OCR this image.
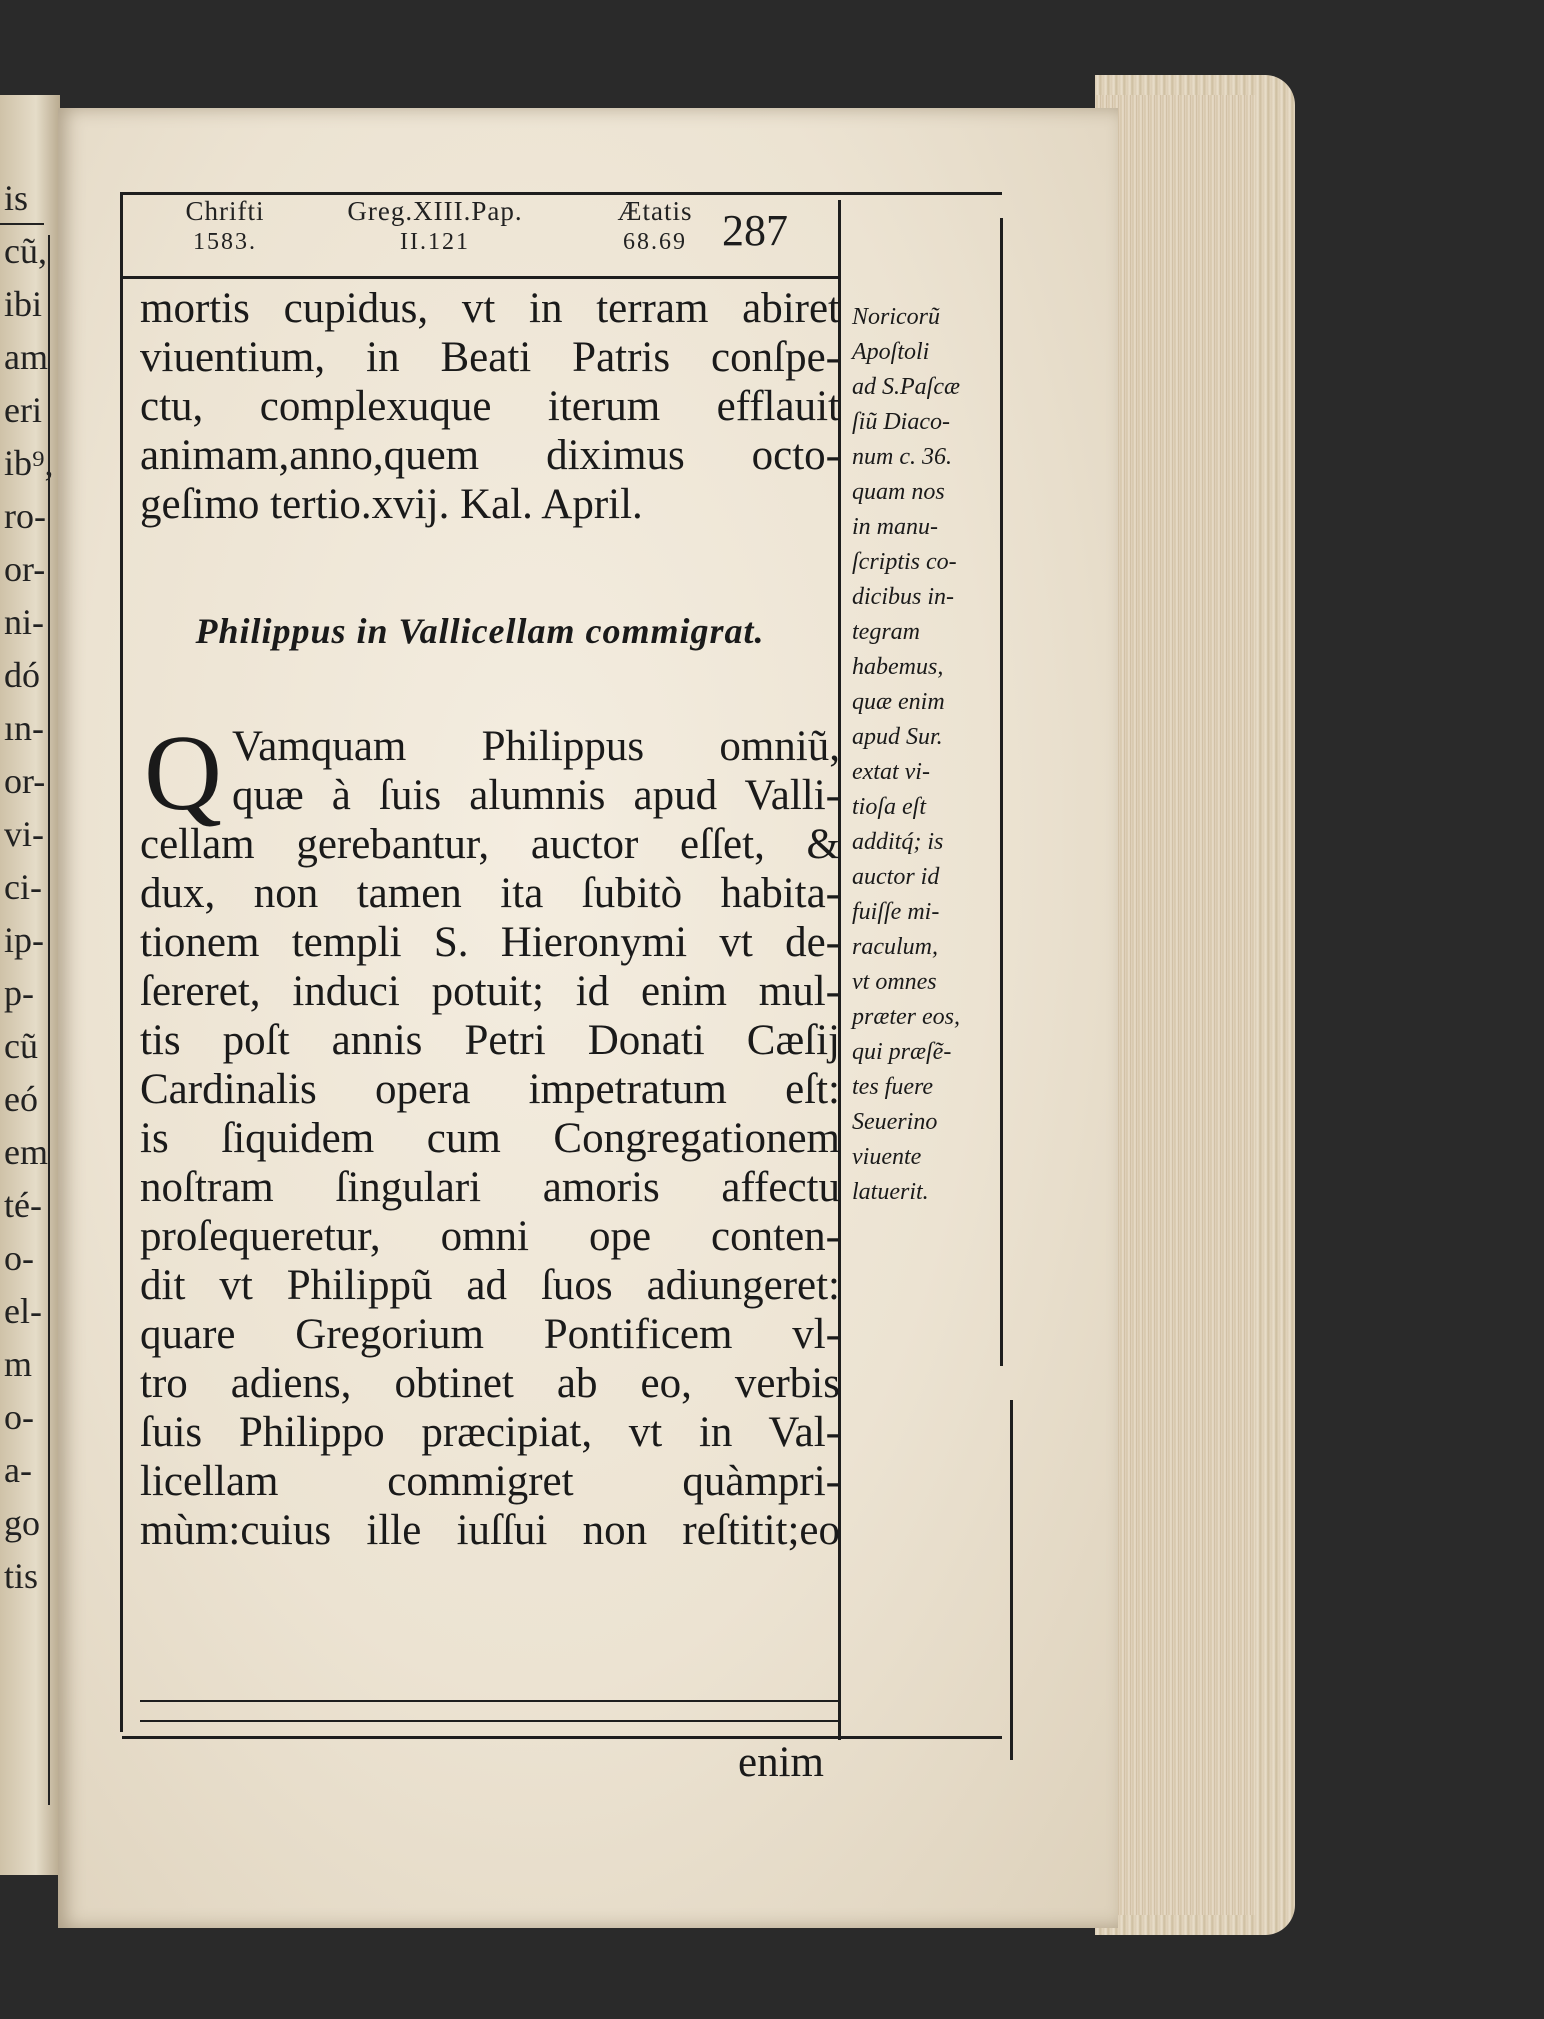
is
cũ,
ibi
am
eri
ib⁹,
ro-
or-
ni-
dó
ın-
or-
vi-
ci-
ip-
p-
cũ
eó
em
té-
o-
el-
m
o-
a-
go
tis
Chrifti
1583.
Greg.XIII.Pap.
II.121
Ætatis
68.69 287
mortis cupidus, vt in terram abiret
viuentium, in Beati Patris conſpe-
ctu, complexuque iterum efflauit
animam,anno,quem diximus octo-
geſimo tertio.xvij. Kal. April.
Philippus in Vallicellam commigrat.
Q Vamquam Philippus omniũ,
quæ à ſuis alumnis apud Valli-
cellam gerebantur, auctor eſſet, &
dux, non tamen ita ſubitò habita-
tionem templi S. Hieronymi vt de-
ſereret, induci potuit; id enim mul-
tis poſt annis Petri Donati Cæſij
Cardinalis opera impetratum eſt:
is ſiquidem cum Congregationem
noſtram ſingulari amoris affectu
proſequeretur, omni ope conten-
dit vt Philippũ ad ſuos adiungeret:
quare Gregorium Pontificem vl-
tro adiens, obtinet ab eo, verbis
ſuis Philippo præcipiat, vt in Val-
licellam commigret quàmpri-
mùm:cuius ille iuſſui non reſtitit;eo
enim
Noricorũ
Apoſtoli
ad S.Paſcæ
ſiũ Diaco-
num c. 36.
quam nos
in manu-
ſcriptis co-
dicibus in-
tegram
habemus,
quæ enim
apud Sur.
extat vi-
tioſa eſt
additq́; is
auctor id
fuiſſe mi-
raculum,
vt omnes
præter eos,
qui præſẽ-
tes fuere
Seuerino
viuente
latuerit.
